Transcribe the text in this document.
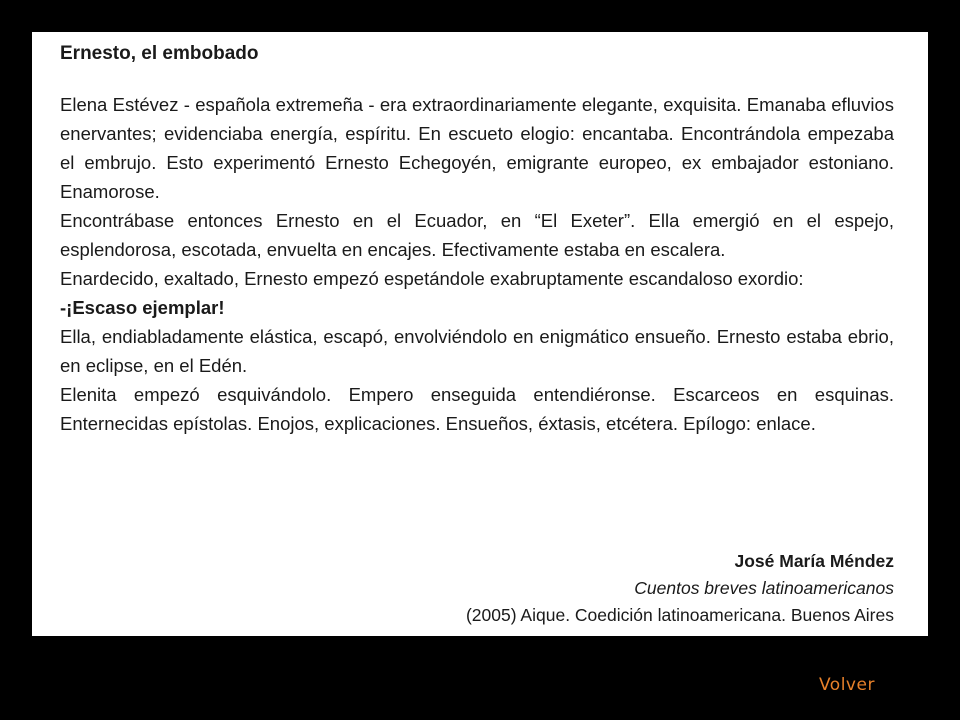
Ernesto, el embobado

Elena Estévez - española extremeña - era extraordinariamente elegante, exquisita. Emanaba efluvios enervantes; evidenciaba energía, espíritu. En escueto elogio: encantaba. Encontrándola empezaba el embrujo. Esto experimentó Ernesto Echegoyén, emigrante europeo, ex embajador estoniano. Enamorose.

Encontrábase entonces Ernesto en el Ecuador, en “El Exeter”. Ella emergió en el espejo, esplendorosa, escotada, envuelta en encajes. Efectivamente estaba en escalera.

Enardecido, exaltado, Ernesto empezó espetándole exabruptamente escandaloso exordio:

-¡Escaso ejemplar!

Ella, endiabladamente elástica, escapó, envolviéndolo en enigmático ensueño. Ernesto estaba ebrio, en eclipse, en el Edén.

Elenita empezó esquivándolo. Empero enseguida entendiéronse. Escarceos en esquinas. Enternecidas epístolas. Enojos, explicaciones. Ensueños, éxtasis, etcétera. Epílogo: enlace.

José María Méndez
Cuentos breves latinoamericanos
(2005) Aique. Coedición latinoamericana. Buenos Aires
Volver
